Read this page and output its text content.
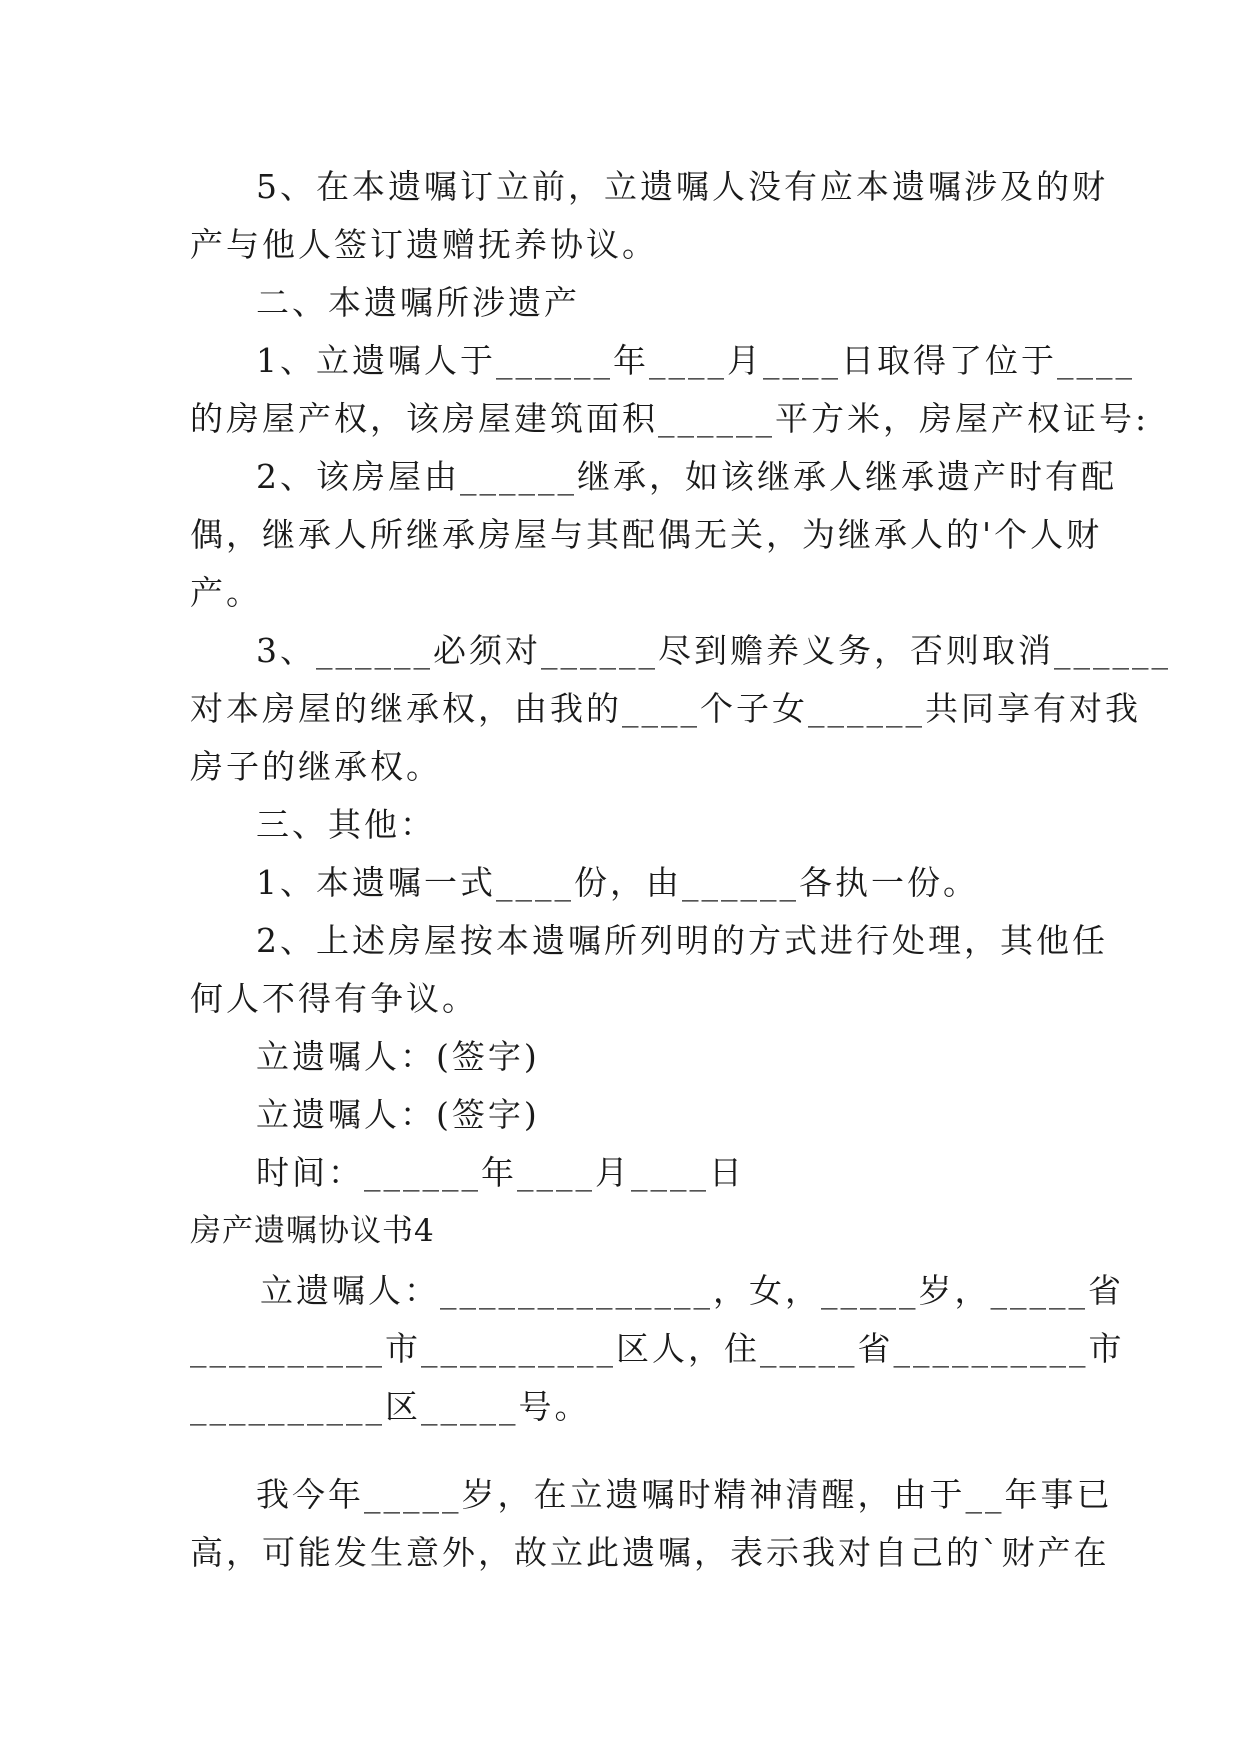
5、在本遗嘱订立前，立遗嘱人没有应本遗嘱涉及的财
产与他人签订遗赠抚养协议。
二、本遗嘱所涉遗产
1、立遗嘱人于______年____月____日取得了位于____
的房屋产权，该房屋建筑面积______平方米，房屋产权证号:
2、该房屋由______继承，如该继承人继承遗产时有配
偶，继承人所继承房屋与其配偶无关，为继承人的'个人财
产。
3、______必须对______尽到赡养义务，否则取消______
对本房屋的继承权，由我的____个子女______共同享有对我
房子的继承权。
三、其他：
1、本遗嘱一式____份，由______各执一份。
2、上述房屋按本遗嘱所列明的方式进行处理，其他任
何人不得有争议。
立遗嘱人：(签字)
立遗嘱人：(签字)
时间：______年____月____日
房产遗嘱协议书4
立遗嘱人：______________，女，_____岁，_____省
__________市__________区人，住_____省__________市
__________区_____号。
我今年_____岁，在立遗嘱时精神清醒，由于__年事已
高，可能发生意外，故立此遗嘱，表示我对自己的`财产在
